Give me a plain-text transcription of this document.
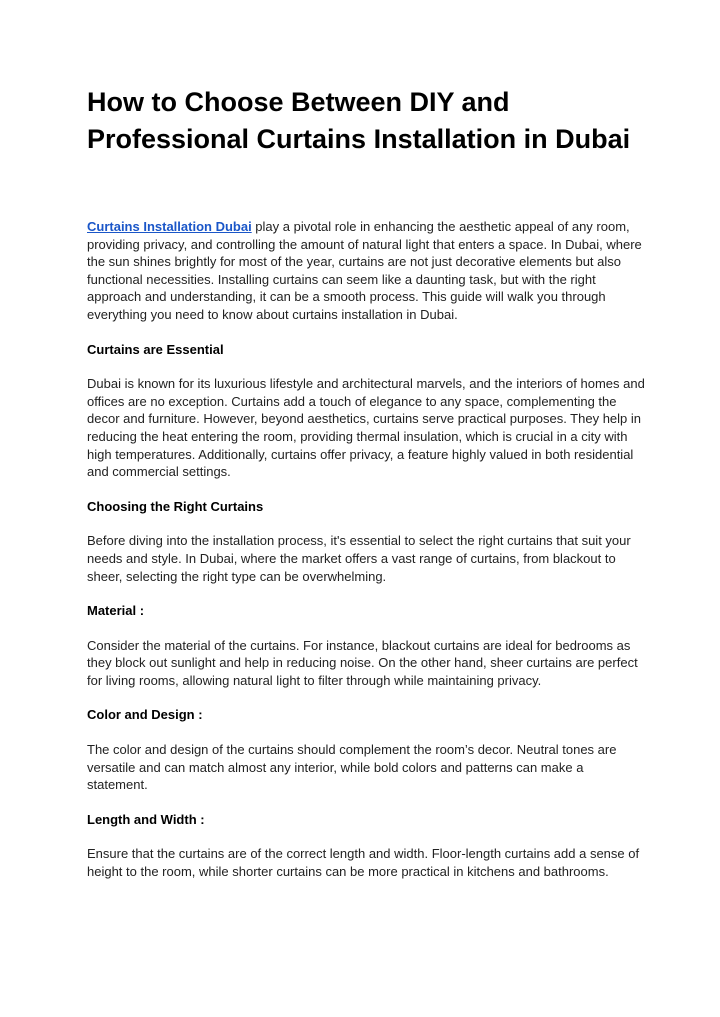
How to Choose Between DIY and Professional Curtains Installation in Dubai

Curtains Installation Dubai play a pivotal role in enhancing the aesthetic appeal of any room, providing privacy, and controlling the amount of natural light that enters a space. In Dubai, where the sun shines brightly for most of the year, curtains are not just decorative elements but also functional necessities. Installing curtains can seem like a daunting task, but with the right approach and understanding, it can be a smooth process. This guide will walk you through everything you need to know about curtains installation in Dubai.

Curtains are Essential

Dubai is known for its luxurious lifestyle and architectural marvels, and the interiors of homes and offices are no exception. Curtains add a touch of elegance to any space, complementing the decor and furniture. However, beyond aesthetics, curtains serve practical purposes. They help in reducing the heat entering the room, providing thermal insulation, which is crucial in a city with high temperatures. Additionally, curtains offer privacy, a feature highly valued in both residential and commercial settings.

Choosing the Right Curtains

Before diving into the installation process, it's essential to select the right curtains that suit your needs and style. In Dubai, where the market offers a vast range of curtains, from blackout to sheer, selecting the right type can be overwhelming.

Material :

Consider the material of the curtains. For instance, blackout curtains are ideal for bedrooms as they block out sunlight and help in reducing noise. On the other hand, sheer curtains are perfect for living rooms, allowing natural light to filter through while maintaining privacy.

Color and Design :

The color and design of the curtains should complement the room’s decor. Neutral tones are versatile and can match almost any interior, while bold colors and patterns can make a statement.

Length and Width :

Ensure that the curtains are of the correct length and width. Floor-length curtains add a sense of height to the room, while shorter curtains can be more practical in kitchens and bathrooms.
